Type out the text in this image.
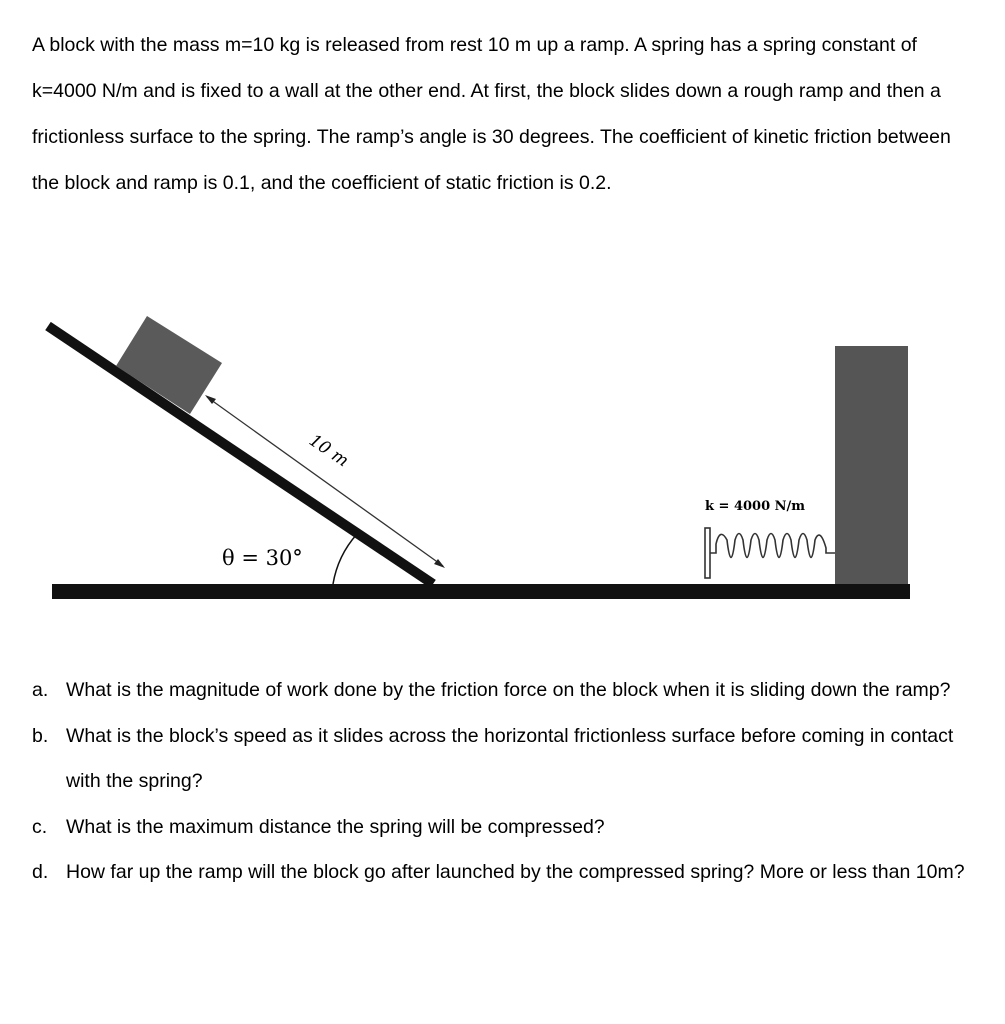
A block with the mass m=10 kg is released from rest 10 m up a ramp. A spring has a spring constant of k=4000 N/m and is fixed to a wall at the other end. At first, the block slides down a rough ramp and then a frictionless surface to the spring. The ramp’s angle is 30 degrees. The coefficient of kinetic friction between the block and ramp is 0.1, and the coefficient of static friction is 0.2.

10 m
θ = 30°
k = 4000 N/m
a. What is the magnitude of work done by the friction force on the block when it is sliding down the ramp?
b. What is the block’s speed as it slides across the horizontal frictionless surface before coming in contact with the spring?
c. What is the maximum distance the spring will be compressed?
d. How far up the ramp will the block go after launched by the compressed spring? More or less than 10m?
